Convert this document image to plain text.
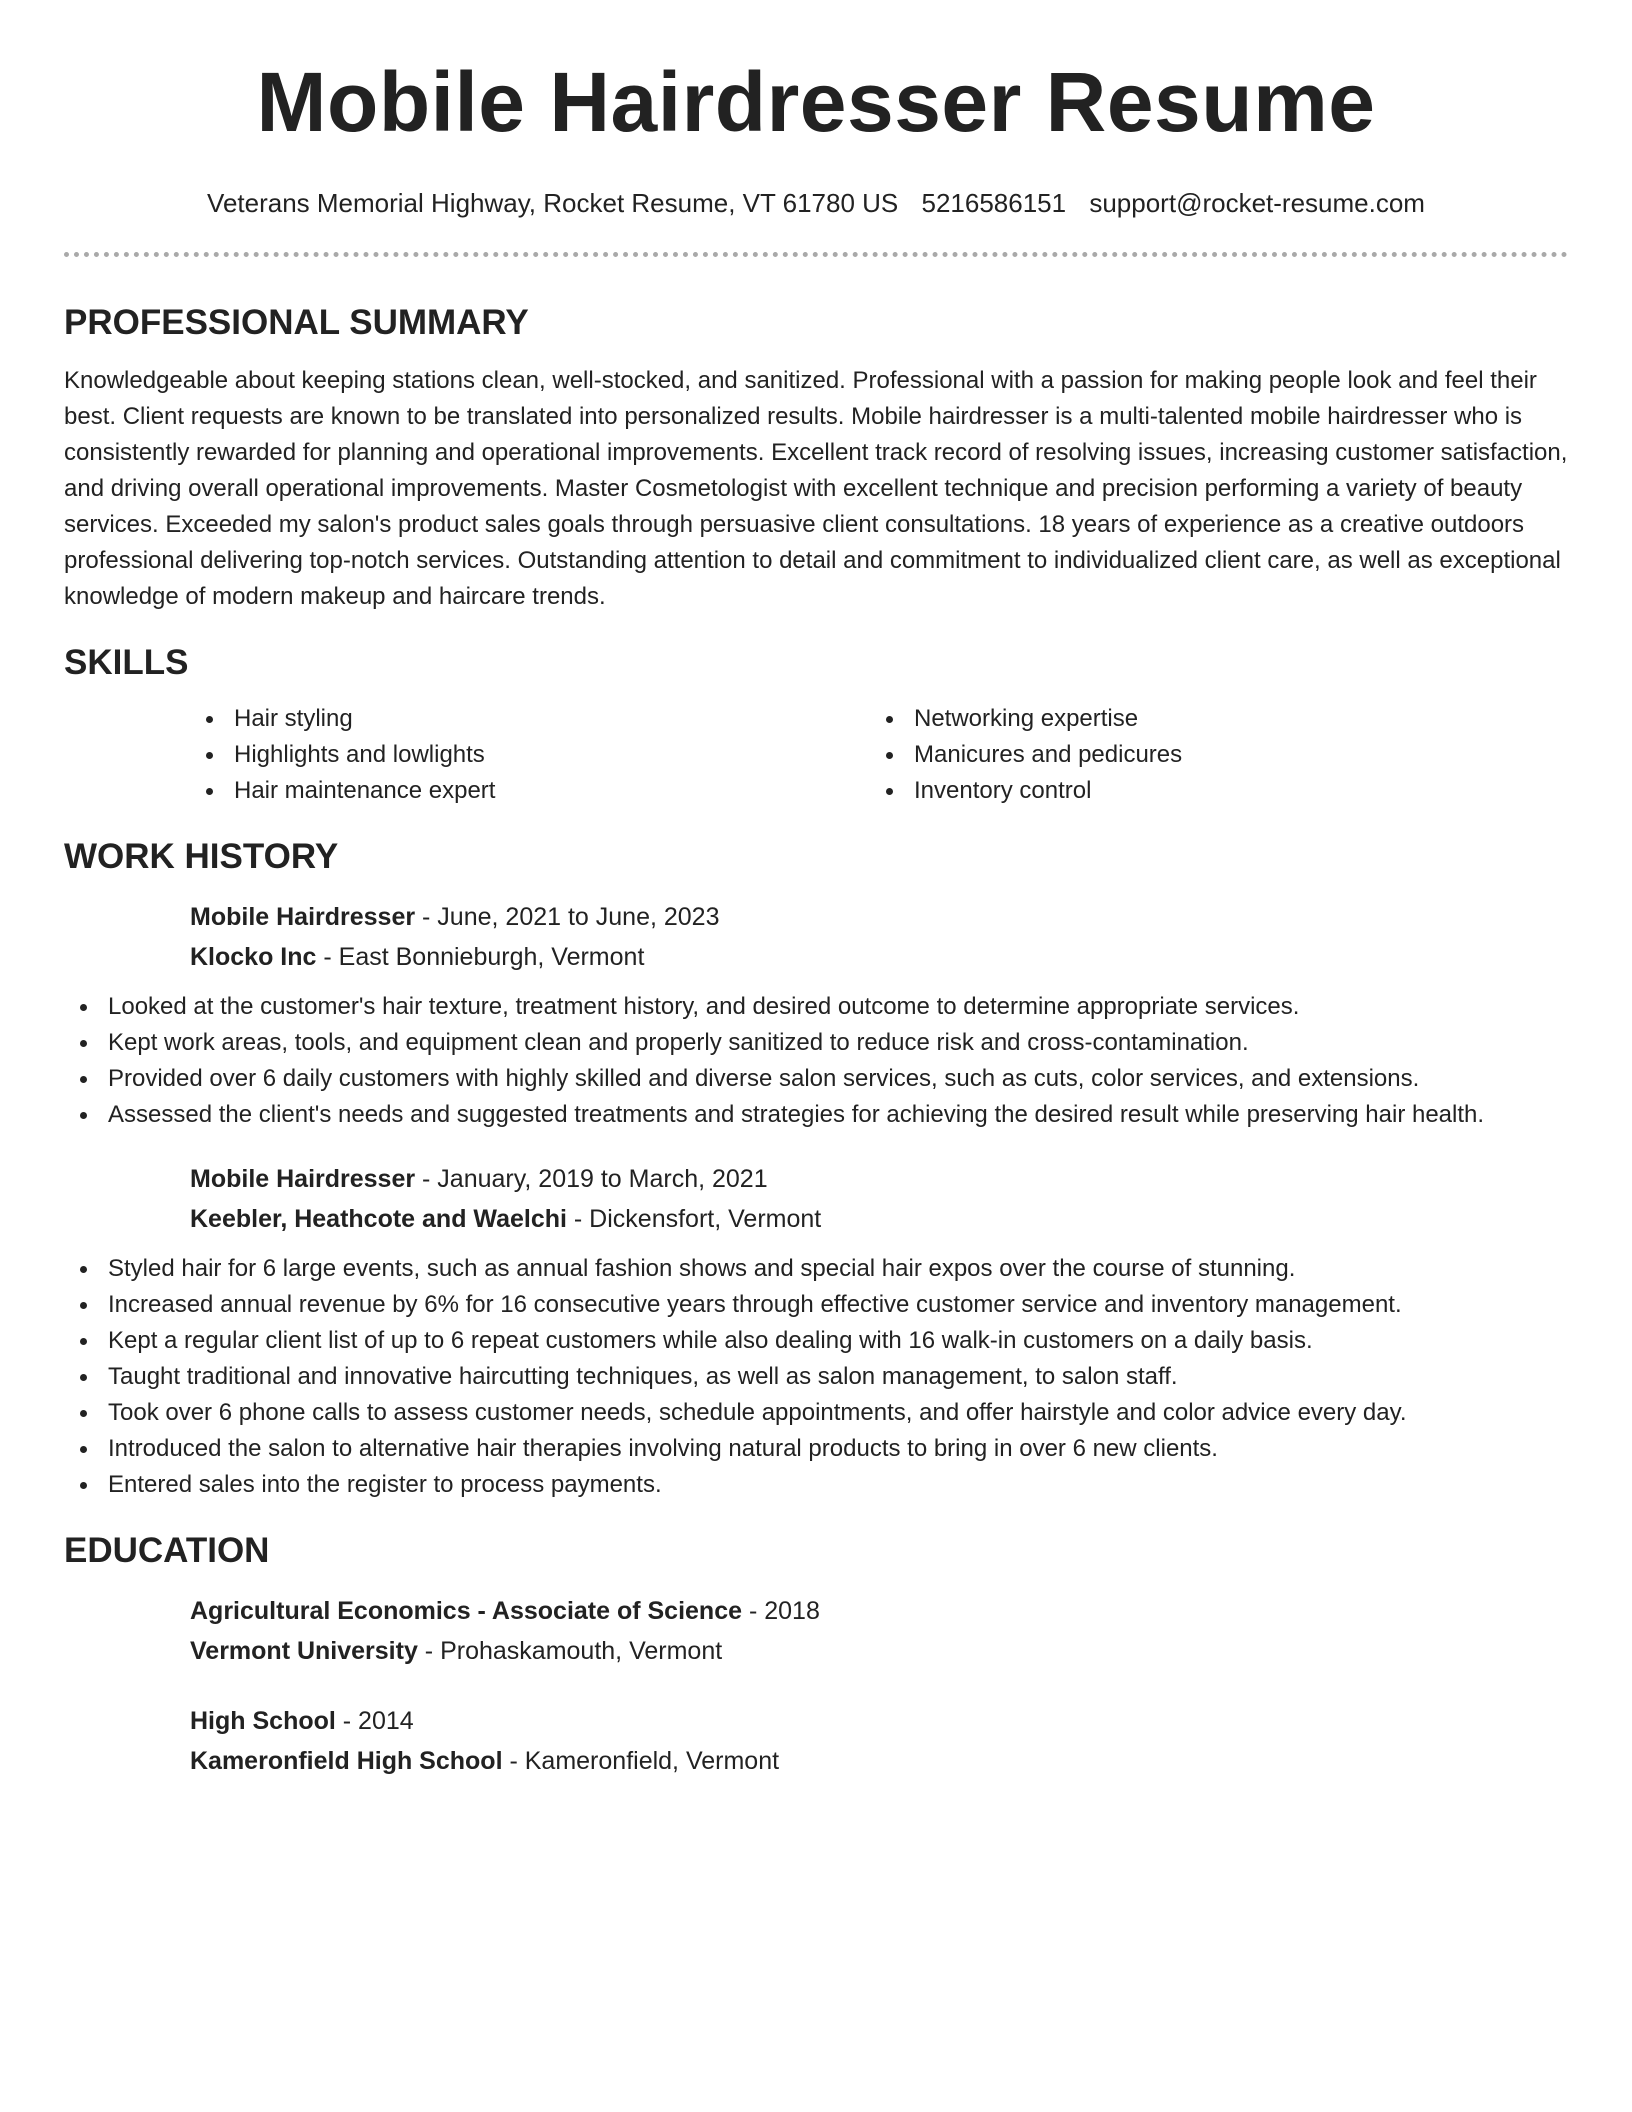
Mobile Hairdresser Resume
Veterans Memorial Highway, Rocket Resume, VT 61780 US 5216586151 support@rocket-resume.com
PROFESSIONAL SUMMARY

Knowledgeable about keeping stations clean, well-stocked, and sanitized. Professional with a passion for making people look and feel their best. Client requests are known to be translated into personalized results. Mobile hairdresser is a multi-talented mobile hairdresser who is consistently rewarded for planning and operational improvements. Excellent track record of resolving issues, increasing customer satisfaction, and driving overall operational improvements. Master Cosmetologist with excellent technique and precision performing a variety of beauty services. Exceeded my salon's product sales goals through persuasive client consultations. 18 years of experience as a creative outdoors professional delivering top-notch services. Outstanding attention to detail and commitment to individualized client care, as well as exceptional knowledge of modern makeup and haircare trends.

SKILLS
Hair styling
Highlights and lowlights
Hair maintenance expert
Networking expertise
Manicures and pedicures
Inventory control
WORK HISTORY
Mobile Hairdresser - June, 2021 to June, 2023
Klocko Inc - East Bonnieburgh, Vermont
Looked at the customer's hair texture, treatment history, and desired outcome to determine appropriate services.
Kept work areas, tools, and equipment clean and properly sanitized to reduce risk and cross-contamination.
Provided over 6 daily customers with highly skilled and diverse salon services, such as cuts, color services, and extensions.
Assessed the client's needs and suggested treatments and strategies for achieving the desired result while preserving hair health.
Mobile Hairdresser - January, 2019 to March, 2021
Keebler, Heathcote and Waelchi - Dickensfort, Vermont
Styled hair for 6 large events, such as annual fashion shows and special hair expos over the course of stunning.
Increased annual revenue by 6% for 16 consecutive years through effective customer service and inventory management.
Kept a regular client list of up to 6 repeat customers while also dealing with 16 walk-in customers on a daily basis.
Taught traditional and innovative haircutting techniques, as well as salon management, to salon staff.
Took over 6 phone calls to assess customer needs, schedule appointments, and offer hairstyle and color advice every day.
Introduced the salon to alternative hair therapies involving natural products to bring in over 6 new clients.
Entered sales into the register to process payments.
EDUCATION
Agricultural Economics - Associate of Science - 2018
Vermont University - Prohaskamouth, Vermont
High School - 2014
Kameronfield High School - Kameronfield, Vermont
